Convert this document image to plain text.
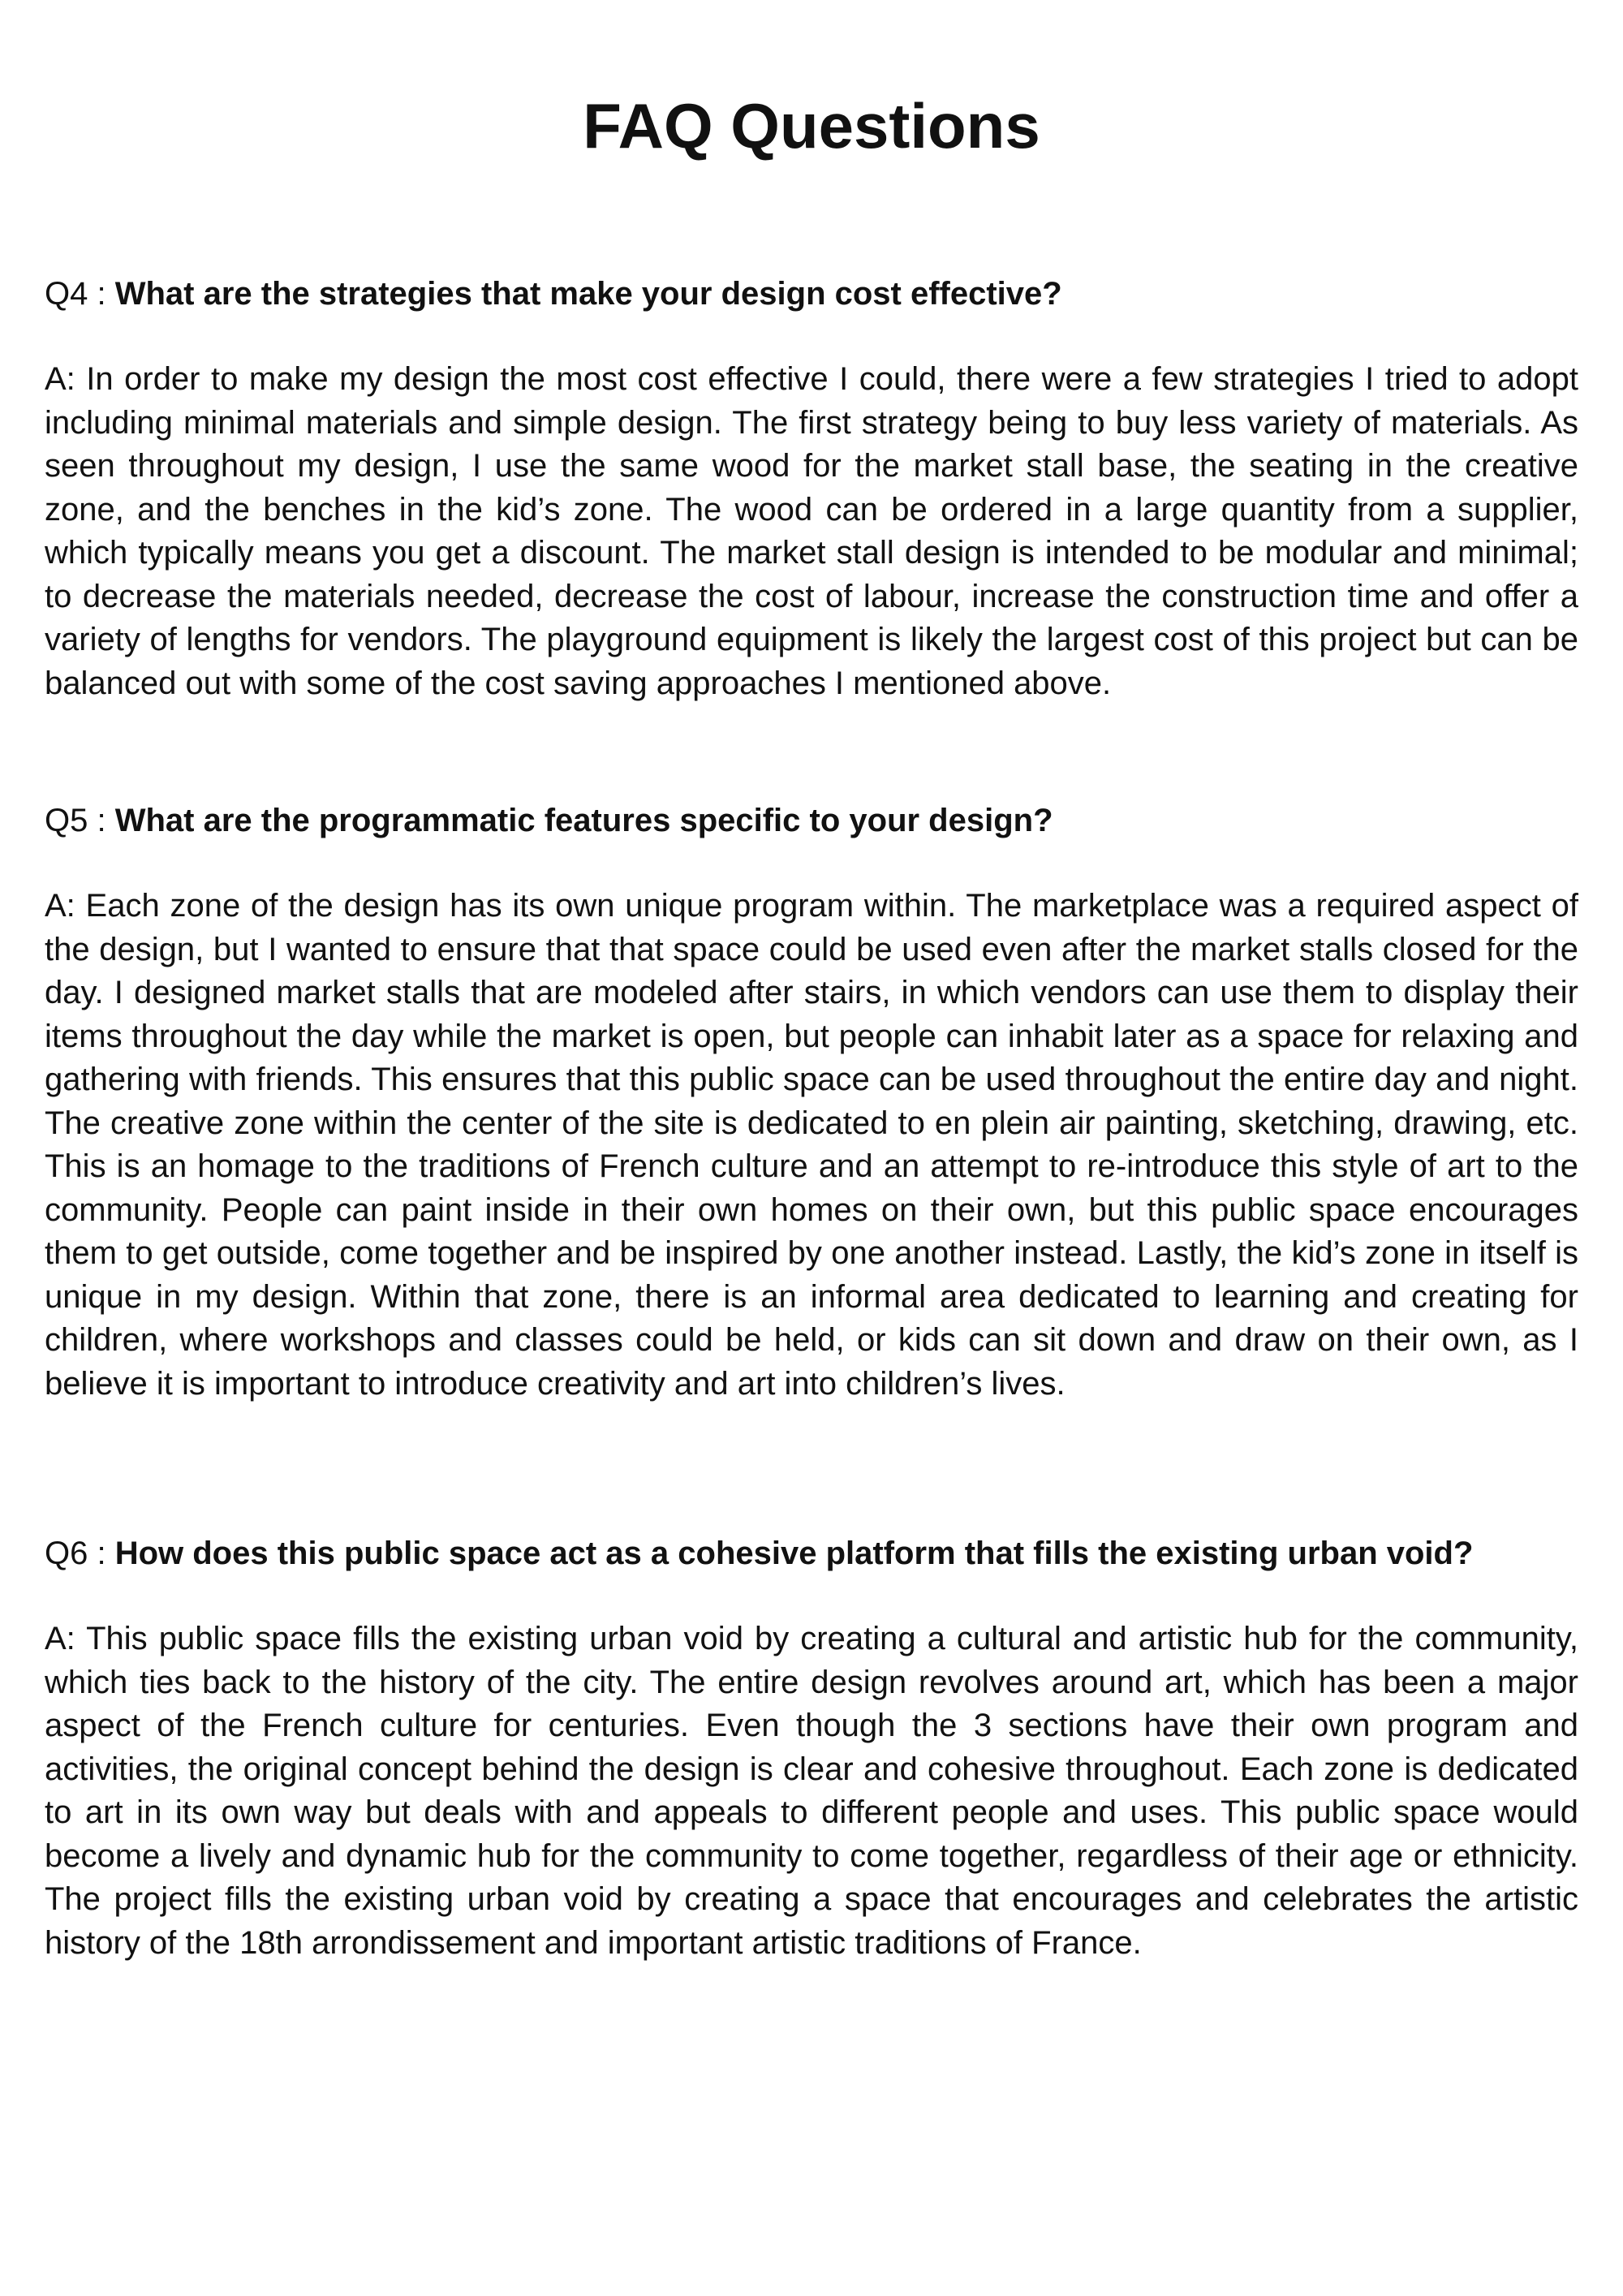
FAQ Questions

Q4 : What are the strategies that make your design cost effective?

A: In order to make my design the most cost effective I could, there were a few strategies I tried to adopt including minimal materials and simple design. The first strategy being to buy less variety of materials. As seen throughout my design, I use the same wood for the market stall base, the seating in the creative zone, and the benches in the kid’s zone. The wood can be ordered in a large quantity from a supplier, which typically means you get a discount. The market stall design is intended to be modular and minimal; to decrease the materials needed, decrease the cost of labour, increase the construction time and offer a variety of lengths for vendors. The playground equipment is likely the largest cost of this project but can be balanced out with some of the cost saving approaches I mentioned above.

Q5 : What are the programmatic features specific to your design?

A: Each zone of the design has its own unique program within. The marketplace was a required aspect of the design, but I wanted to ensure that that space could be used even after the market stalls closed for the day. I designed market stalls that are modeled after stairs, in which vendors can use them to display their items throughout the day while the market is open, but people can inhabit later as a space for relaxing and gathering with friends. This ensures that this public space can be used throughout the entire day and night. The creative zone within the center of the site is dedicated to en plein air painting, sketching, drawing, etc. This is an homage to the traditions of French culture and an attempt to re-introduce this style of art to the community. People can paint inside in their own homes on their own, but this public space encourages them to get outside, come together and be inspired by one another instead. Lastly, the kid’s zone in itself is unique in my design. Within that zone, there is an informal area dedicated to learning and creating for children, where workshops and classes could be held, or kids can sit down and draw on their own, as I believe it is important to introduce creativity and art into children’s lives.

Q6 : How does this public space act as a cohesive platform that fills the existing urban void?

A: This public space fills the existing urban void by creating a cultural and artistic hub for the community, which ties back to the history of the city. The entire design revolves around art, which has been a major aspect of the French culture for centuries. Even though the 3 sections have their own program and activities, the original concept behind the design is clear and cohesive throughout. Each zone is dedicated to art in its own way but deals with and appeals to different people and uses. This public space would become a lively and dynamic hub for the community to come together, regardless of their age or ethnicity. The project fills the existing urban void by creating a space that encourages and celebrates the artistic history of the 18th arrondissement and important artistic traditions of France.
